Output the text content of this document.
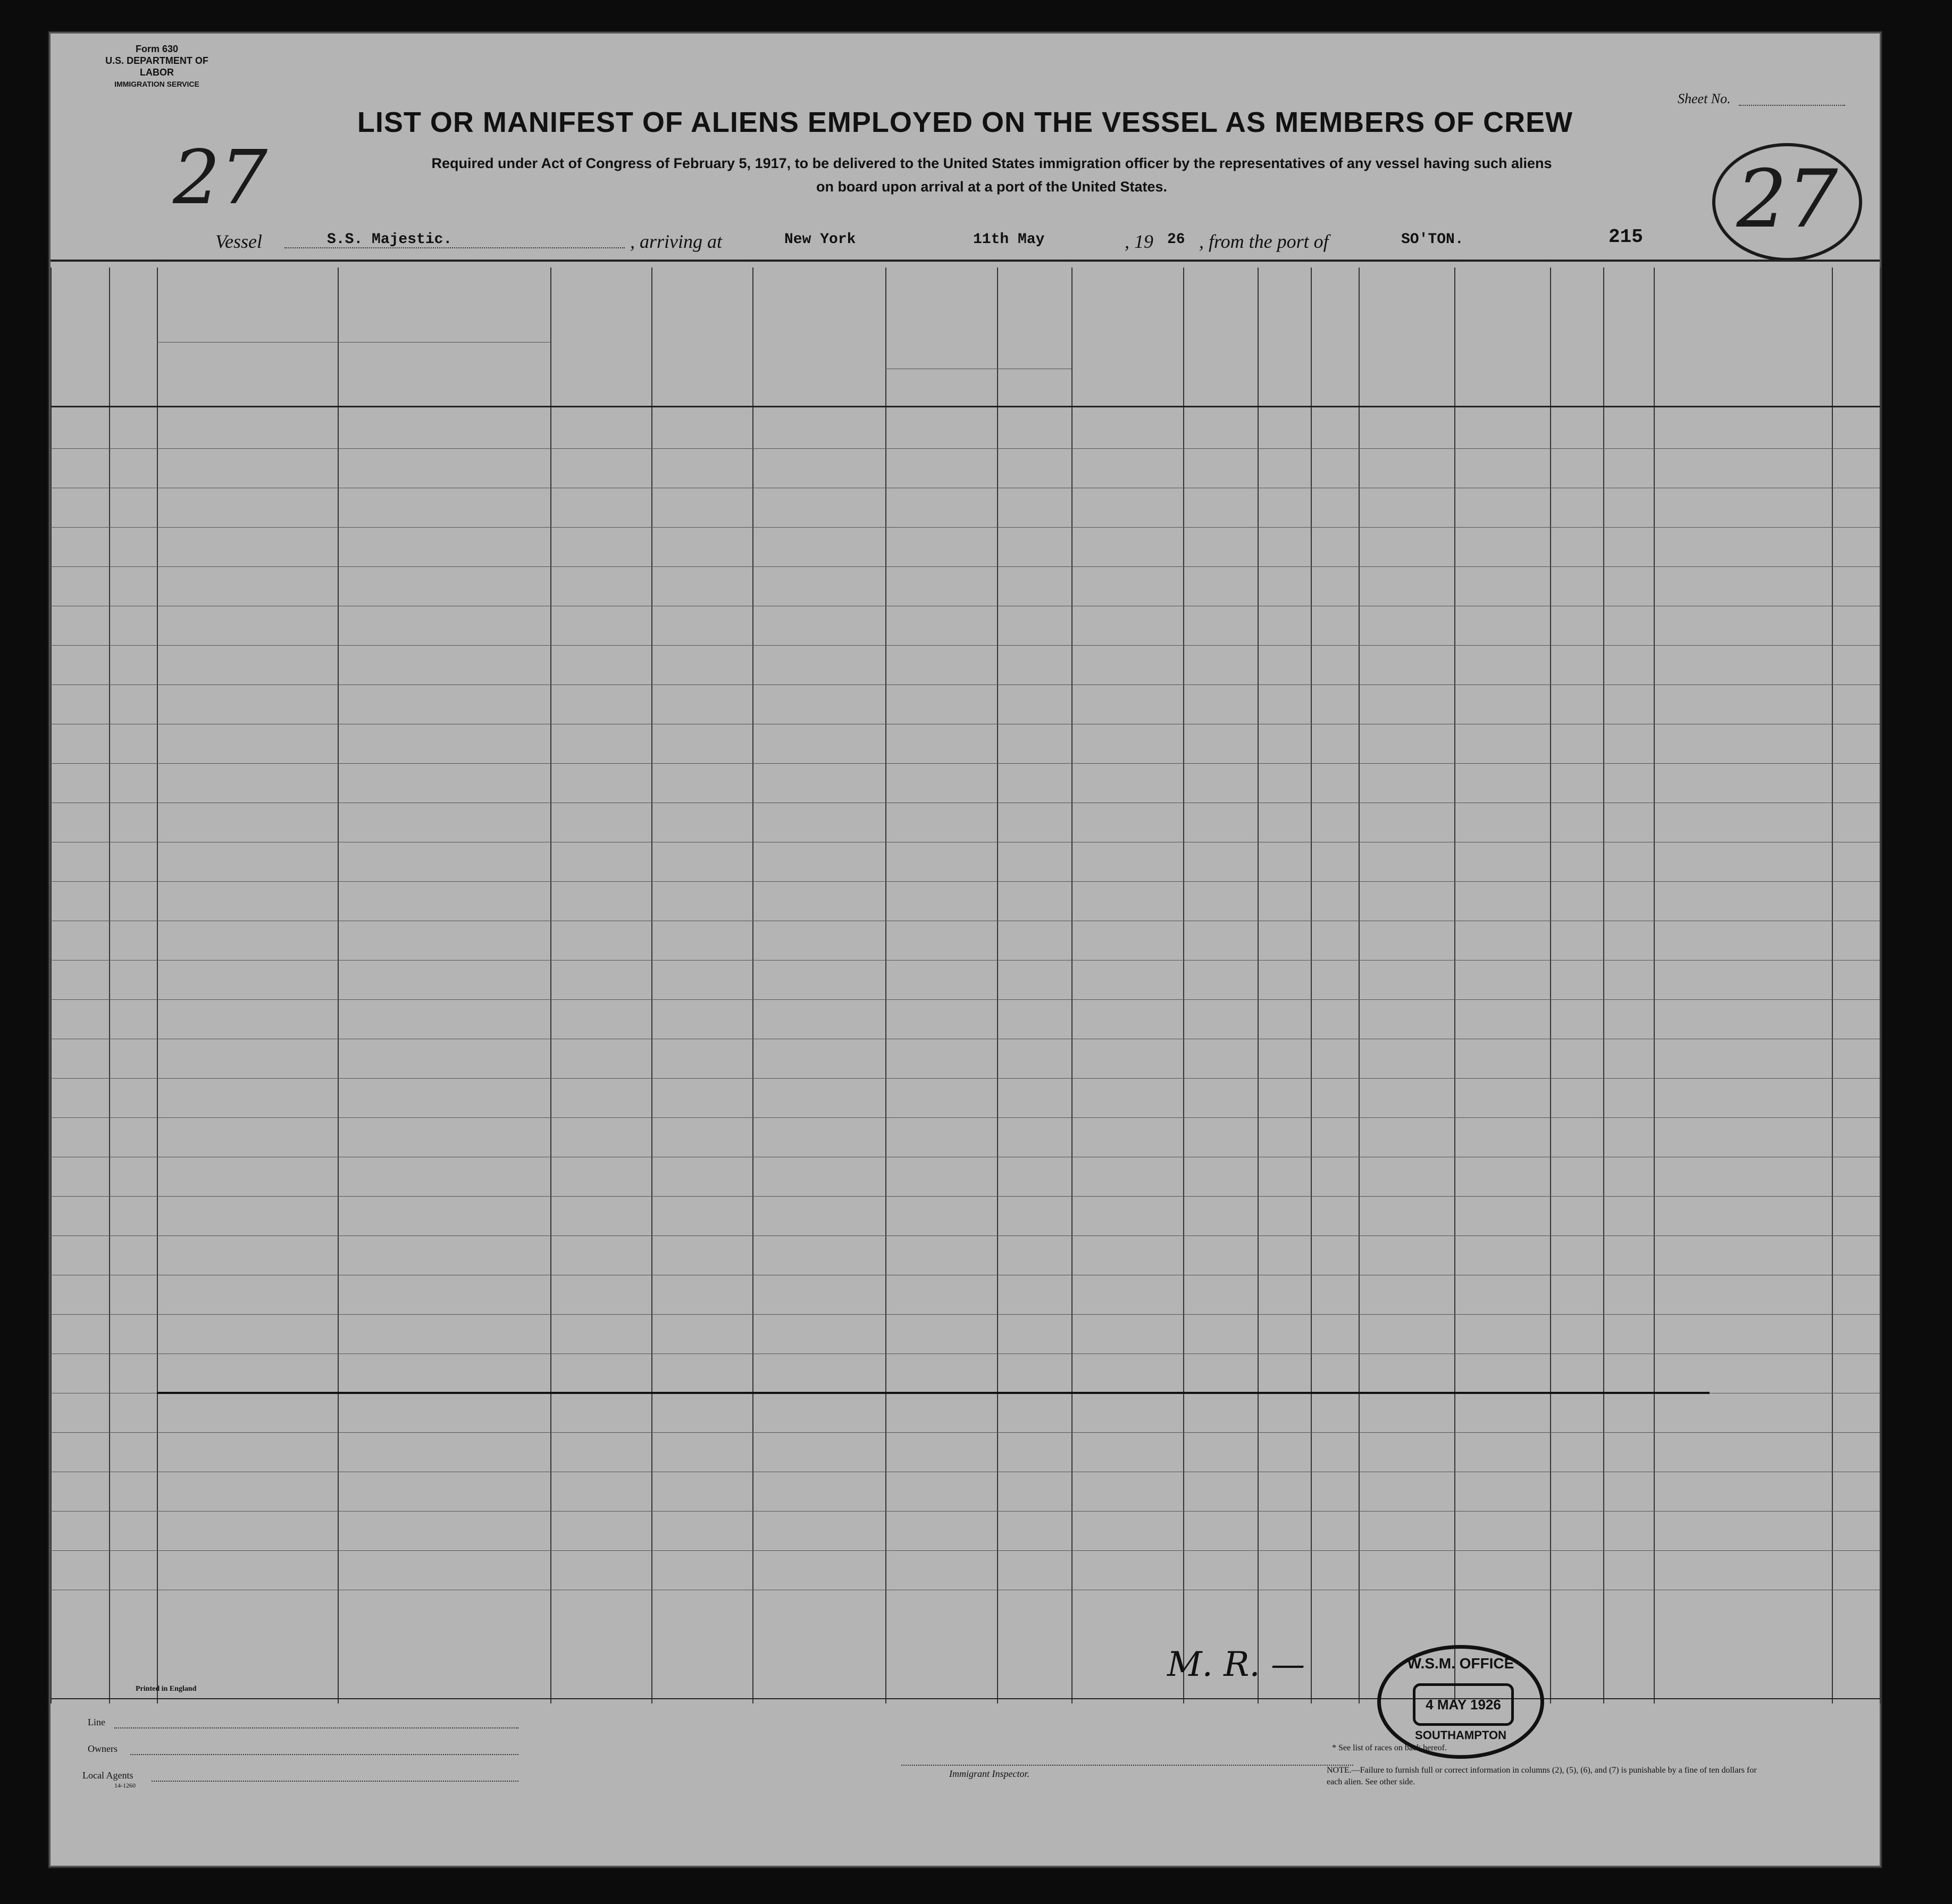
Form 630
U.S. DEPARTMENT OF LABOR
IMMIGRATION SERVICE
27
LIST OR MANIFEST OF ALIENS EMPLOYED ON THE VESSEL AS MEMBERS OF CREW
Required under Act of Congress of February 5, 1917, to be delivered to the United States immigration officer by the representatives of any vessel having such aliens
on board upon arrival at a port of the United States.
Sheet No.
27
Vessel	S.S. Majestic.	, arriving at	New York	11th May	, 19 26 , from the port of	SO'TON.	215
Printed in England
Line
Owners
Local Agents
14-1260
Immigrant Inspector.
* See list of races on back hereof.
NOTE.—Failure to furnish full or correct information in columns (2), (5), (6), and (7) is punishable by a fine of ten dollars for each alien. See other side.
M. R. —	W.S.M. OFFICE
4 MAY 1926
SOUTHAMPTON
